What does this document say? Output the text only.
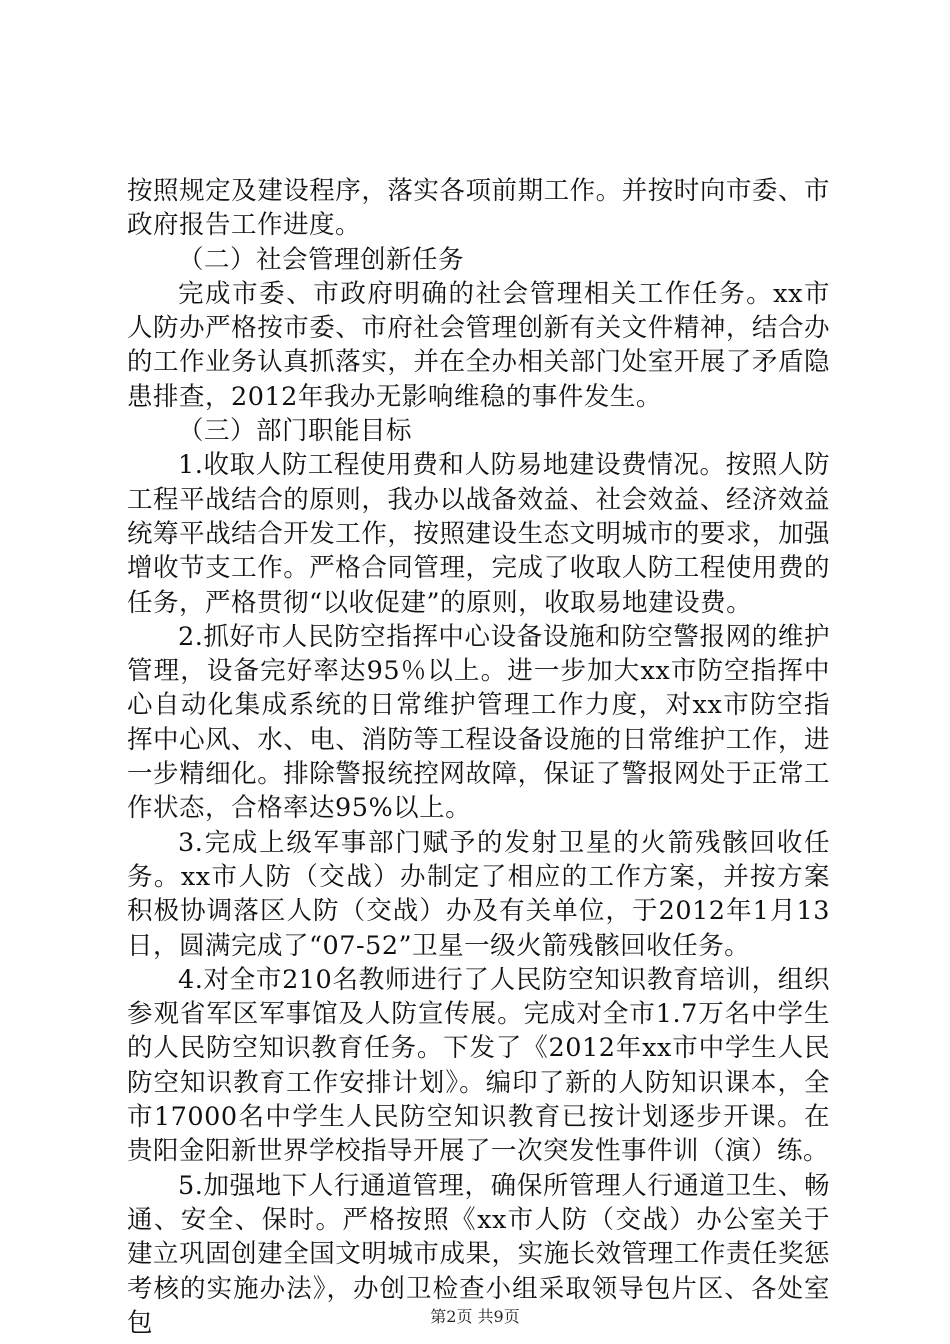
按照规定及建设程序，落实各项前期工作。并按时向市委、市政府报告工作进度。

（二）社会管理创新任务

完成市委、市政府明确的社会管理相关工作任务。xx市人防办严格按市委、市府社会管理创新有关文件精神，结合办的工作业务认真抓落实，并在全办相关部门处室开展了矛盾隐患排查，2012年我办无影响维稳的事件发生。

（三）部门职能目标

1.收取人防工程使用费和人防易地建设费情况。按照人防工程平战结合的原则，我办以战备效益、社会效益、经济效益统筹平战结合开发工作，按照建设生态文明城市的要求，加强增收节支工作。严格合同管理，完成了收取人防工程使用费的任务，严格贯彻“以收促建”的原则，收取易地建设费。

2.抓好市人民防空指挥中心设备设施和防空警报网的维护管理，设备完好率达95％以上。进一步加大xx市防空指挥中心自动化集成系统的日常维护管理工作力度，对xx市防空指挥中心风、水、电、消防等工程设备设施的日常维护工作，进一步精细化。排除警报统控网故障，保证了警报网处于正常工作状态，合格率达95%以上。

3.完成上级军事部门赋予的发射卫星的火箭残骸回收任务。xx市人防（交战）办制定了相应的工作方案，并按方案积极协调落区人防（交战）办及有关单位，于2012年1月13日，圆满完成了“07-52”卫星一级火箭残骸回收任务。

4.对全市210名教师进行了人民防空知识教育培训，组织参观省军区军事馆及人防宣传展。完成对全市1.7万名中学生的人民防空知识教育任务。下发了《2012年xx市中学生人民防空知识教育工作安排计划》。编印了新的人防知识课本，全市17000名中学生人民防空知识教育已按计划逐步开课。在贵阳金阳新世界学校指导开展了一次突发性事件训（演）练。

5.加强地下人行通道管理，确保所管理人行通道卫生、畅通、安全、保时。严格按照《xx市人防（交战）办公室关于建立巩固创建全国文明城市成果，实施长效管理工作责任奖惩考核的实施办法》，办创卫检查小组采取领导包片区、各处室包	第2页 共9页
